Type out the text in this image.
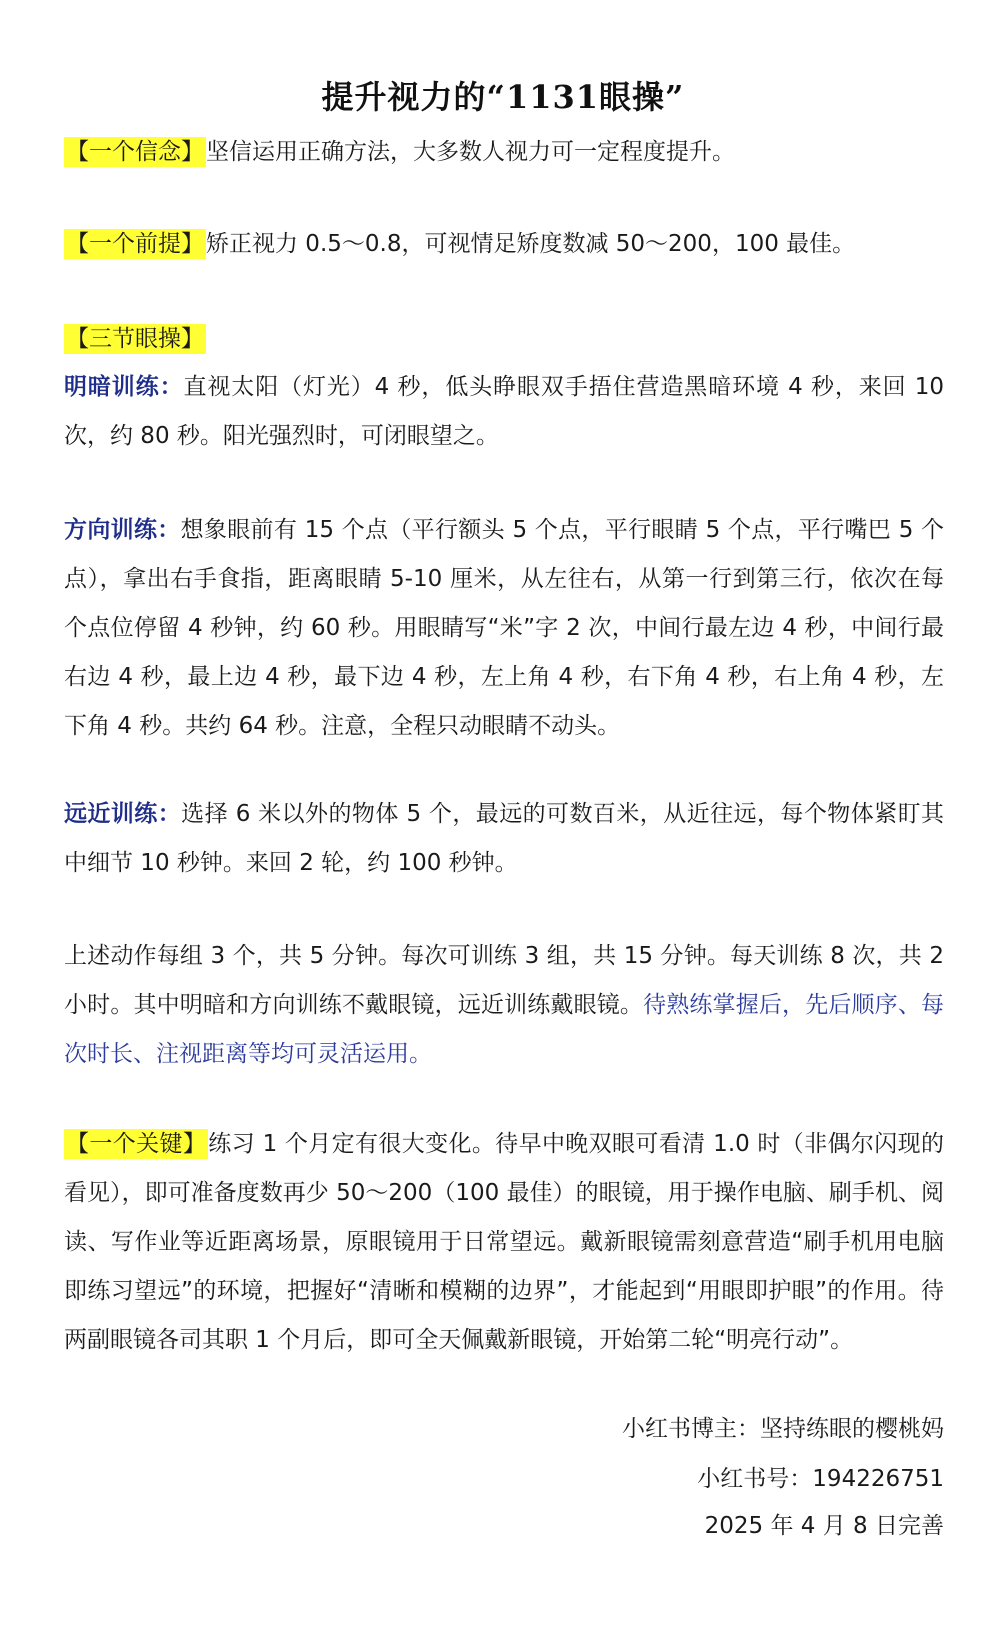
提升视力的“1131眼操”
【一个信念】坚信运用正确方法，大多数人视力可一定程度提升。
【一个前提】矫正视力 0.5～0.8，可视情足矫度数减 50～200，100 最佳。
【三节眼操】
明暗训练：直视太阳（灯光）4 秒，低头睁眼双手捂住营造黑暗环境 4 秒，来回 10 次，约 80 秒。阳光强烈时，可闭眼望之。
方向训练：想象眼前有 15 个点（平行额头 5 个点，平行眼睛 5 个点，平行嘴巴 5 个点），拿出右手食指，距离眼睛 5-10 厘米，从左往右，从第一行到第三行，依次在每个点位停留 4 秒钟，约 60 秒。用眼睛写“米”字 2 次，中间行最左边 4 秒，中间行最右边 4 秒，最上边 4 秒，最下边 4 秒，左上角 4 秒，右下角 4 秒，右上角 4 秒，左下角 4 秒。共约 64 秒。注意，全程只动眼睛不动头。
远近训练：选择 6 米以外的物体 5 个，最远的可数百米，从近往远，每个物体紧盯其中细节 10 秒钟。来回 2 轮，约 100 秒钟。
上述动作每组 3 个，共 5 分钟。每次可训练 3 组，共 15 分钟。每天训练 8 次，共 2 小时。其中明暗和方向训练不戴眼镜，远近训练戴眼镜。待熟练掌握后，先后顺序、每次时长、注视距离等均可灵活运用。
【一个关键】练习 1 个月定有很大变化。待早中晚双眼可看清 1.0 时（非偶尔闪现的看见），即可准备度数再少 50～200（100 最佳）的眼镜，用于操作电脑、刷手机、阅读、写作业等近距离场景，原眼镜用于日常望远。戴新眼镜需刻意营造“刷手机用电脑即练习望远”的环境，把握好“清晰和模糊的边界”，才能起到“用眼即护眼”的作用。待两副眼镜各司其职 1 个月后，即可全天佩戴新眼镜，开始第二轮“明亮行动”。
小红书博主：坚持练眼的樱桃妈
小红书号：194226751
2025 年 4 月 8 日完善
